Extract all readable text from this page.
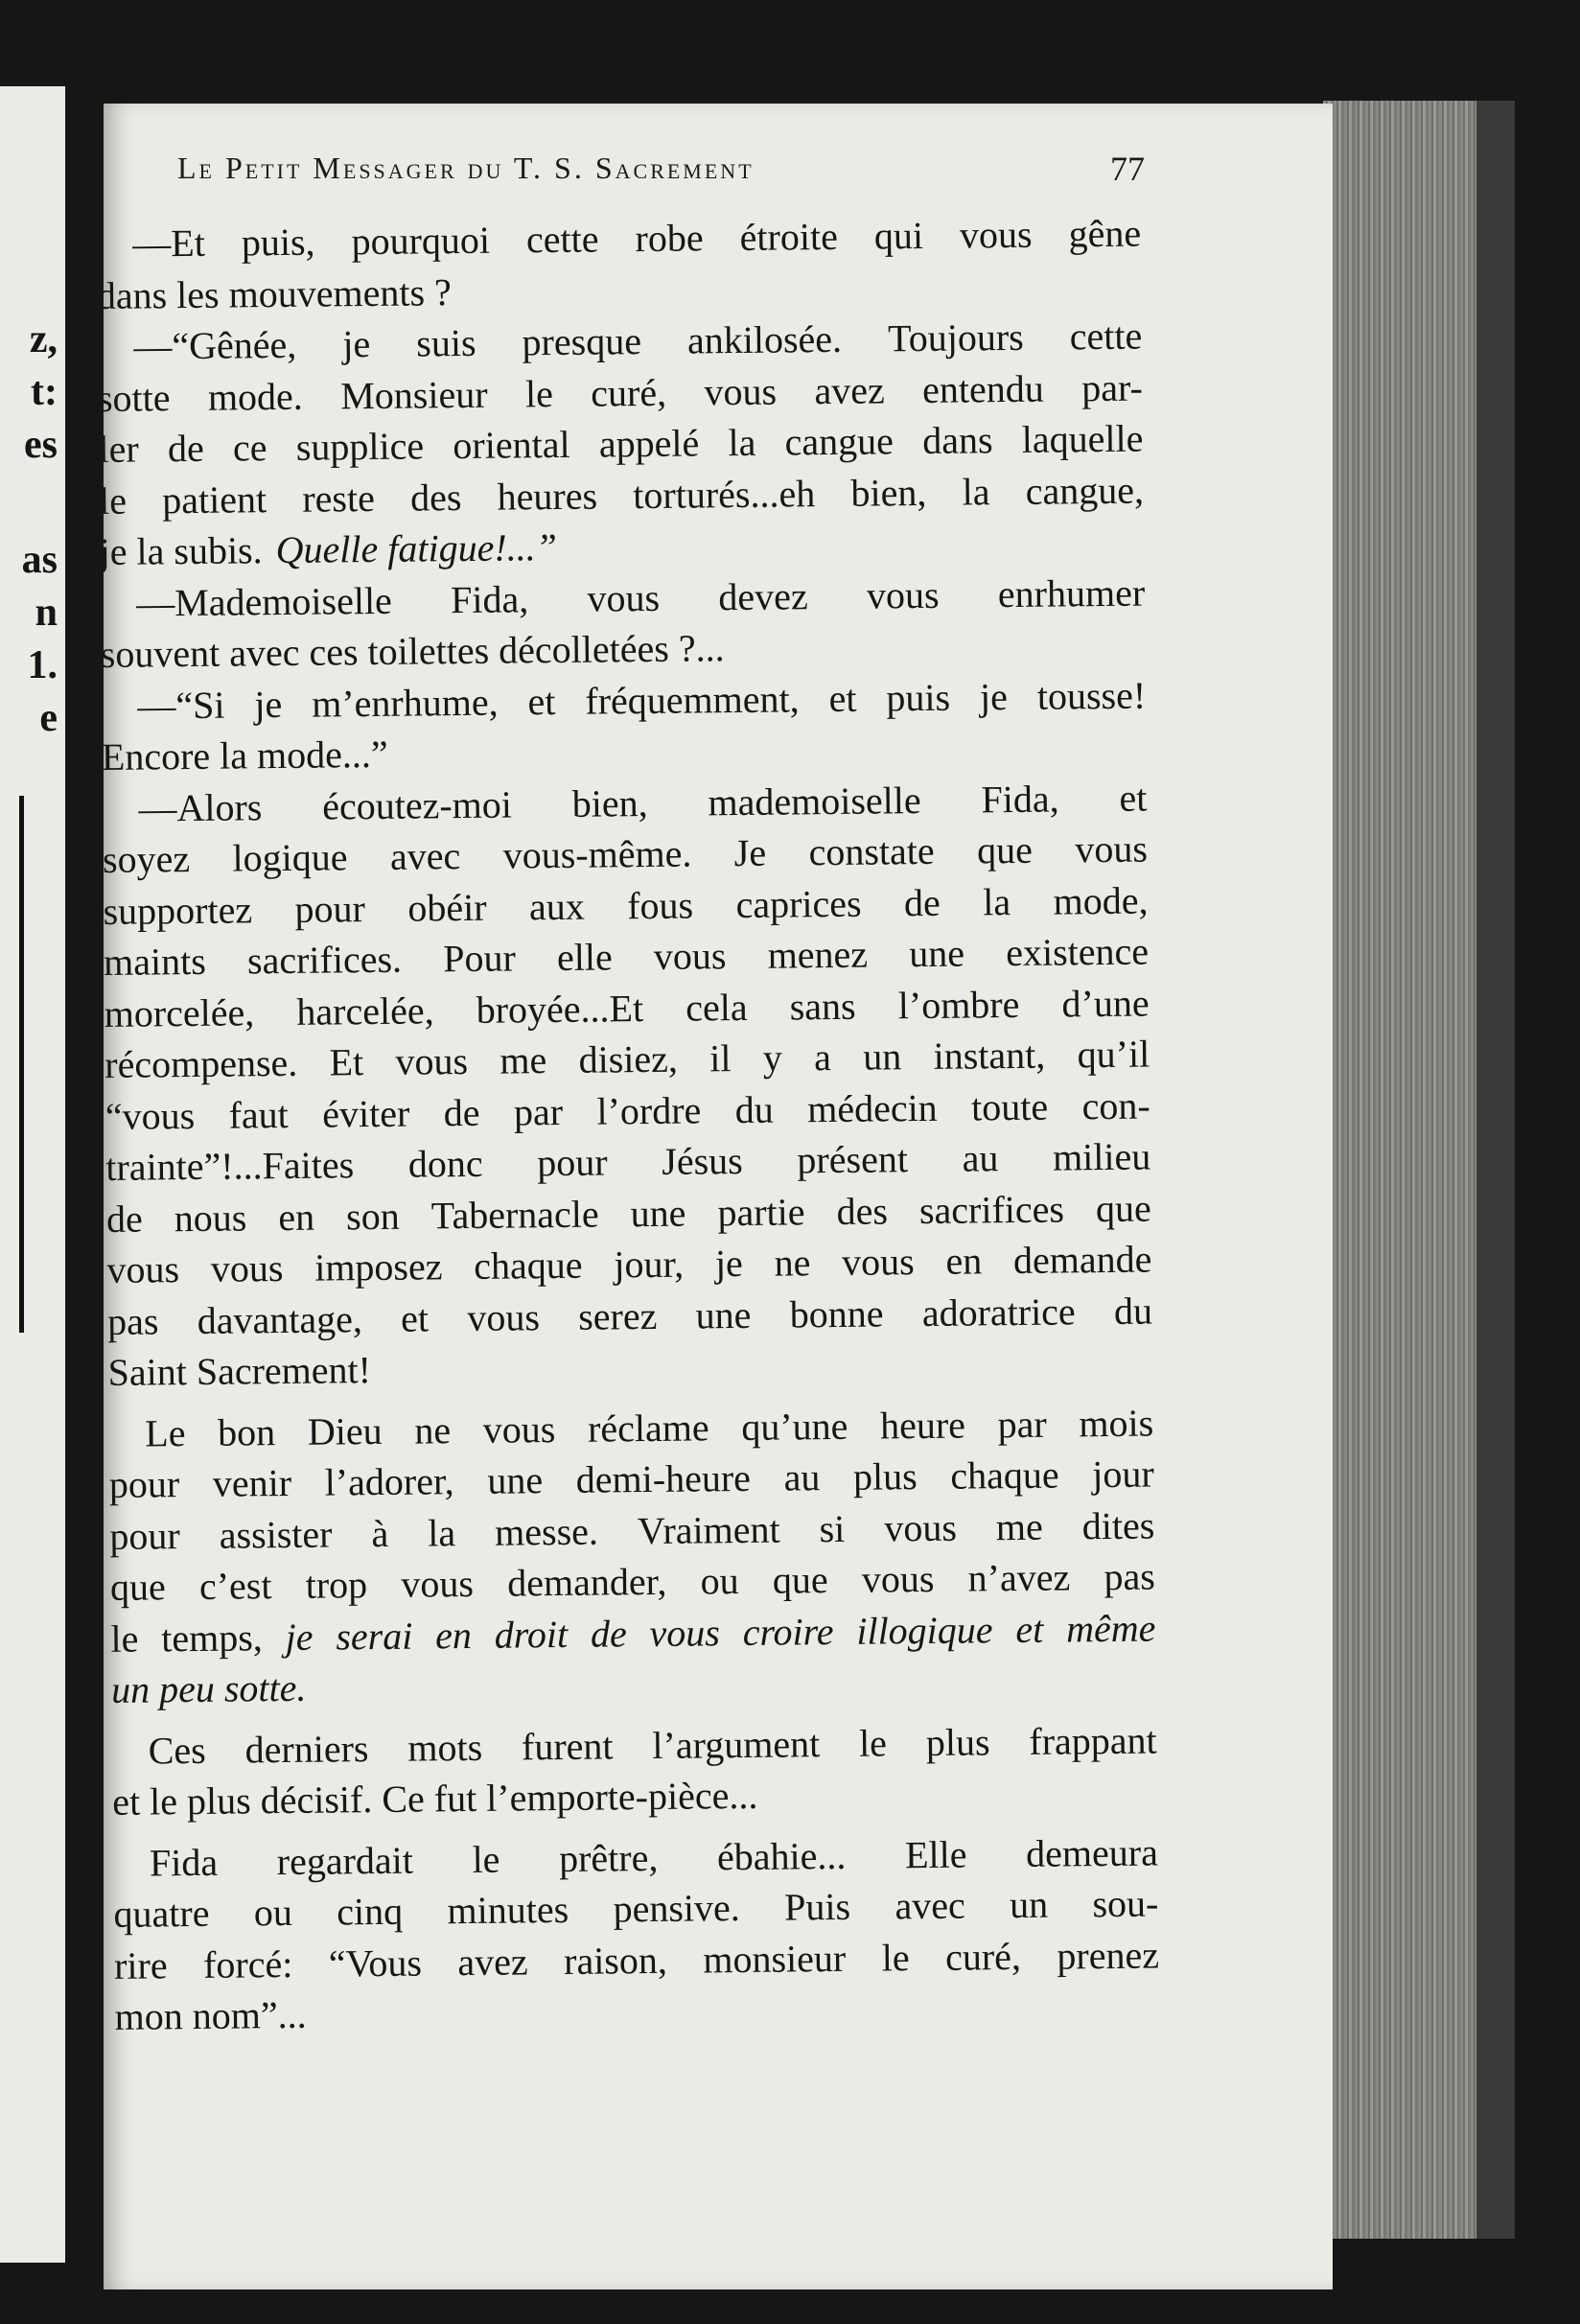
z,
t:
es
as
n
1.
e
Le Petit Messager du T. S. Sacrement	77
—Et puis, pourquoi cette robe étroite qui vous gêne
dans les mouvements ?
—“Gênée, je suis presque ankilosée. Toujours cette
sotte mode. Monsieur le curé, vous avez entendu par-
ler de ce supplice oriental appelé la cangue dans laquelle
le patient reste des heures torturés...eh bien, la cangue,
je la subis. Quelle fatigue!...”
—Mademoiselle Fida, vous devez vous enrhumer
souvent avec ces toilettes décolletées ?...
—“Si je m’enrhume, et fréquemment, et puis je tousse!
Encore la mode...”
—Alors écoutez-moi bien, mademoiselle Fida, et
soyez logique avec vous-même. Je constate que vous
supportez pour obéir aux fous caprices de la mode,
maints sacrifices. Pour elle vous menez une existence
morcelée, harcelée, broyée...Et cela sans l’ombre d’une
récompense. Et vous me disiez, il y a un instant, qu’il
“vous faut éviter de par l’ordre du médecin toute con-
trainte”!...Faites donc pour Jésus présent au milieu
de nous en son Tabernacle une partie des sacrifices que
vous vous imposez chaque jour, je ne vous en demande
pas davantage, et vous serez une bonne adoratrice du
Saint Sacrement!
Le bon Dieu ne vous réclame qu’une heure par mois
pour venir l’adorer, une demi-heure au plus chaque jour
pour assister à la messe. Vraiment si vous me dites
que c’est trop vous demander, ou que vous n’avez pas
le temps, je serai en droit de vous croire illogique et même
un peu sotte.
Ces derniers mots furent l’argument le plus frappant
et le plus décisif. Ce fut l’emporte-pièce...
Fida regardait le prêtre, ébahie... Elle demeura
quatre ou cinq minutes pensive. Puis avec un sou-
rire forcé: “Vous avez raison, monsieur le curé, prenez
mon nom”...
